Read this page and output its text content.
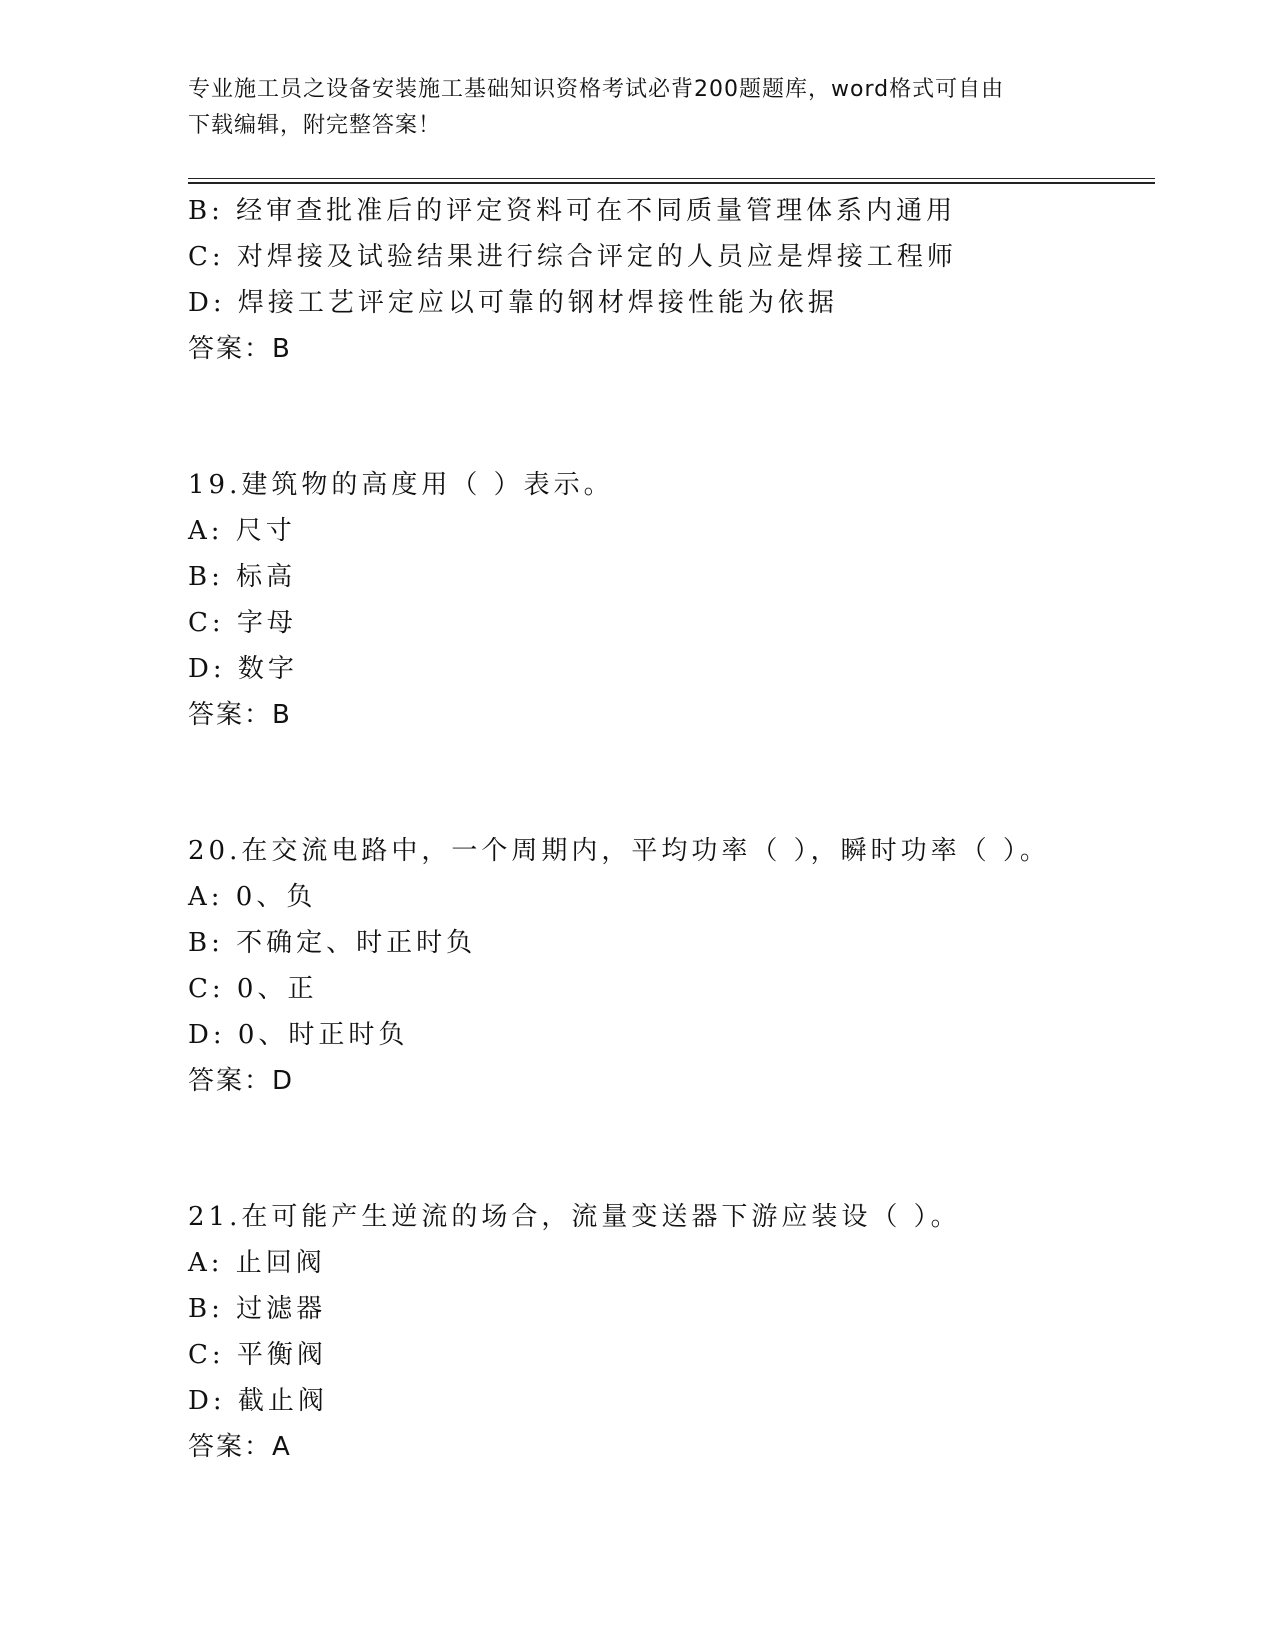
专业施工员之设备安装施工基础知识资格考试必背200题题库，word格式可自由
下载编辑，附完整答案！
B: 经审查批准后的评定资料可在不同质量管理体系内通用
C: 对焊接及试验结果进行综合评定的人员应是焊接工程师
D: 焊接工艺评定应以可靠的钢材焊接性能为依据
答案：B
19.建筑物的高度用（ ）表示。
A: 尺寸
B: 标高
C: 字母
D: 数字
答案：B
20.在交流电路中，一个周期内，平均功率（ ），瞬时功率（ ）。
A: 0、负
B: 不确定、时正时负
C: 0、正
D: 0、时正时负
答案：D
21.在可能产生逆流的场合，流量变送器下游应装设（ ）。
A: 止回阀
B: 过滤器
C: 平衡阀
D: 截止阀
答案：A
